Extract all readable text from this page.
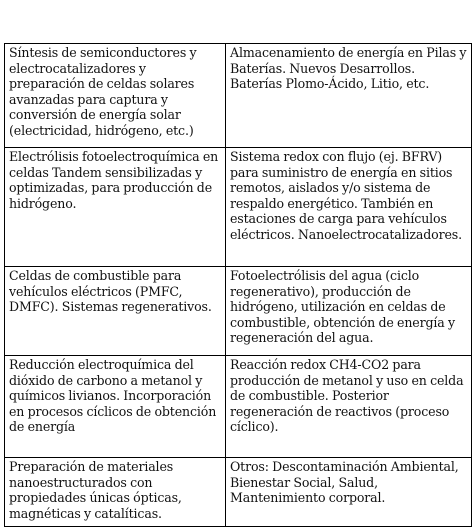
Síntesis de semiconductores y electrocatalizadores y preparación de celdas solares avanzadas para captura y conversión de energía solar (electricidad, hidrógeno, etc.)	Almacenamiento de energía en Pilas y Baterías. Nuevos Desarrollos. Baterías Plomo-Ácido, Litio, etc.
Electrólisis fotoelectroquímica en celdas Tandem sensibilizadas y optimizadas, para producción de hidrógeno.	Sistema redox con flujo (ej. BFRV) para suministro de energía en sitios remotos, aislados y/o sistema de respaldo energético. También en estaciones de carga para vehículos eléctricos. Nanoelectrocatalizadores.
Celdas de combustible para vehículos eléctricos (PMFC, DMFC). Sistemas regenerativos.	Fotoelectrólisis del agua (ciclo regenerativo), producción de hidrógeno, utilización en celdas de combustible, obtención de energía y regeneración del agua.
Reducción electroquímica del dióxido de carbono a metanol y químicos livianos. Incorporación en procesos cíclicos de obtención de energía	Reacción redox CH4-CO2 para producción de metanol y uso en celda de combustible. Posterior regeneración de reactivos (proceso cíclico).
Preparación de materiales nanoestructurados con propiedades únicas ópticas, magnéticas y catalíticas.	Otros: Descontaminación Ambiental, Bienestar Social, Salud, Mantenimiento corporal.
